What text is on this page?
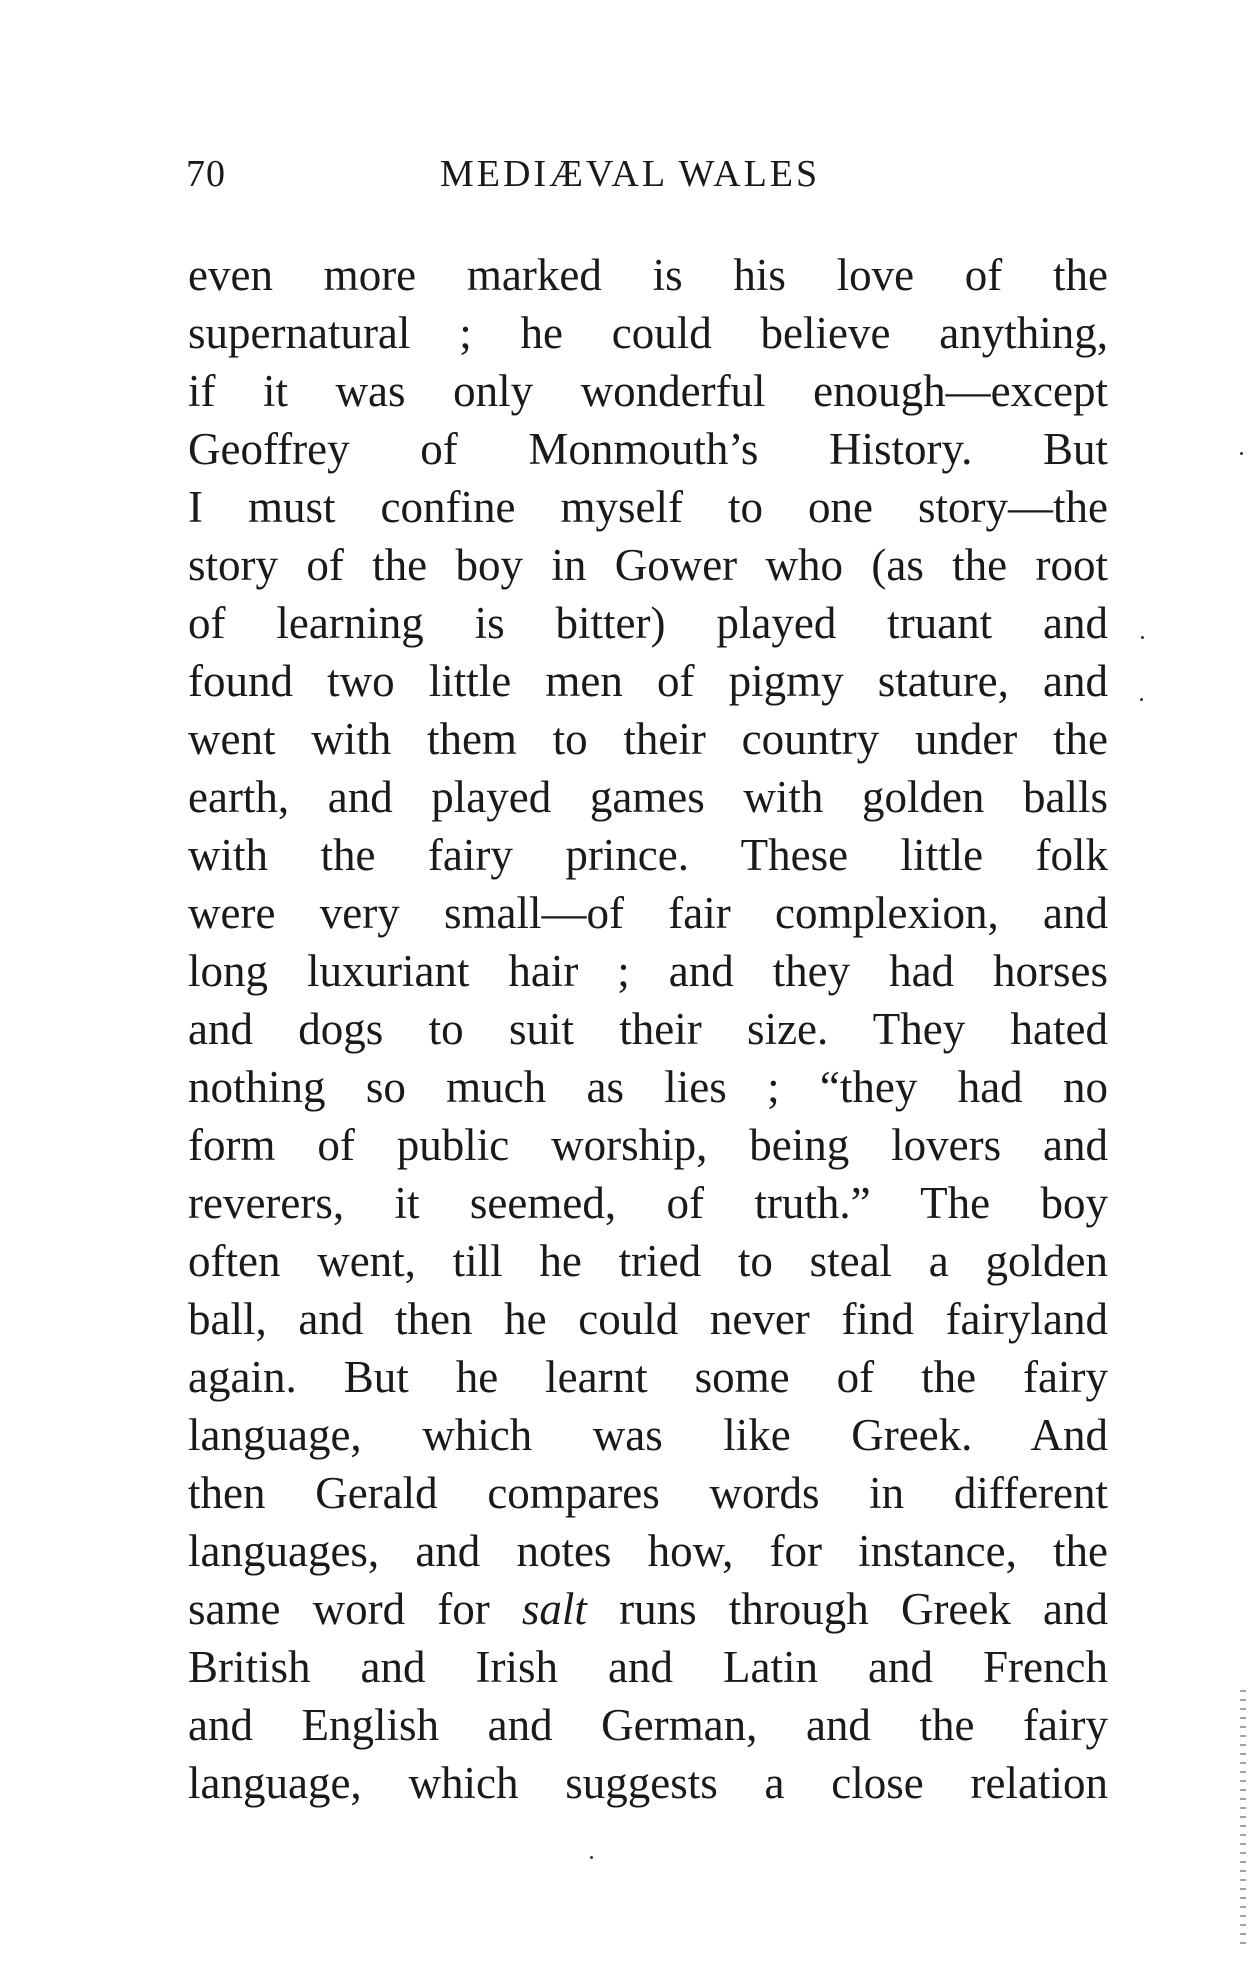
70	MEDIÆVAL WALES
even more marked is his love of the
supernatural ; he could believe anything,
if it was only wonderful enough—except
Geoffrey of Monmouth’s History. But
I must confine myself to one story—the
story of the boy in Gower who (as the root
of learning is bitter) played truant and
found two little men of pigmy stature, and
went with them to their country under the
earth, and played games with golden balls
with the fairy prince. These little folk
were very small—of fair complexion, and
long luxuriant hair ; and they had horses
and dogs to suit their size. They hated
nothing so much as lies ; “they had no
form of public worship, being lovers and
reverers, it seemed, of truth.” The boy
often went, till he tried to steal a golden
ball, and then he could never find fairyland
again. But he learnt some of the fairy
language, which was like Greek. And
then Gerald compares words in different
languages, and notes how, for instance, the
same word for salt runs through Greek and
British and Irish and Latin and French
and English and German, and the fairy
language, which suggests a close relation
